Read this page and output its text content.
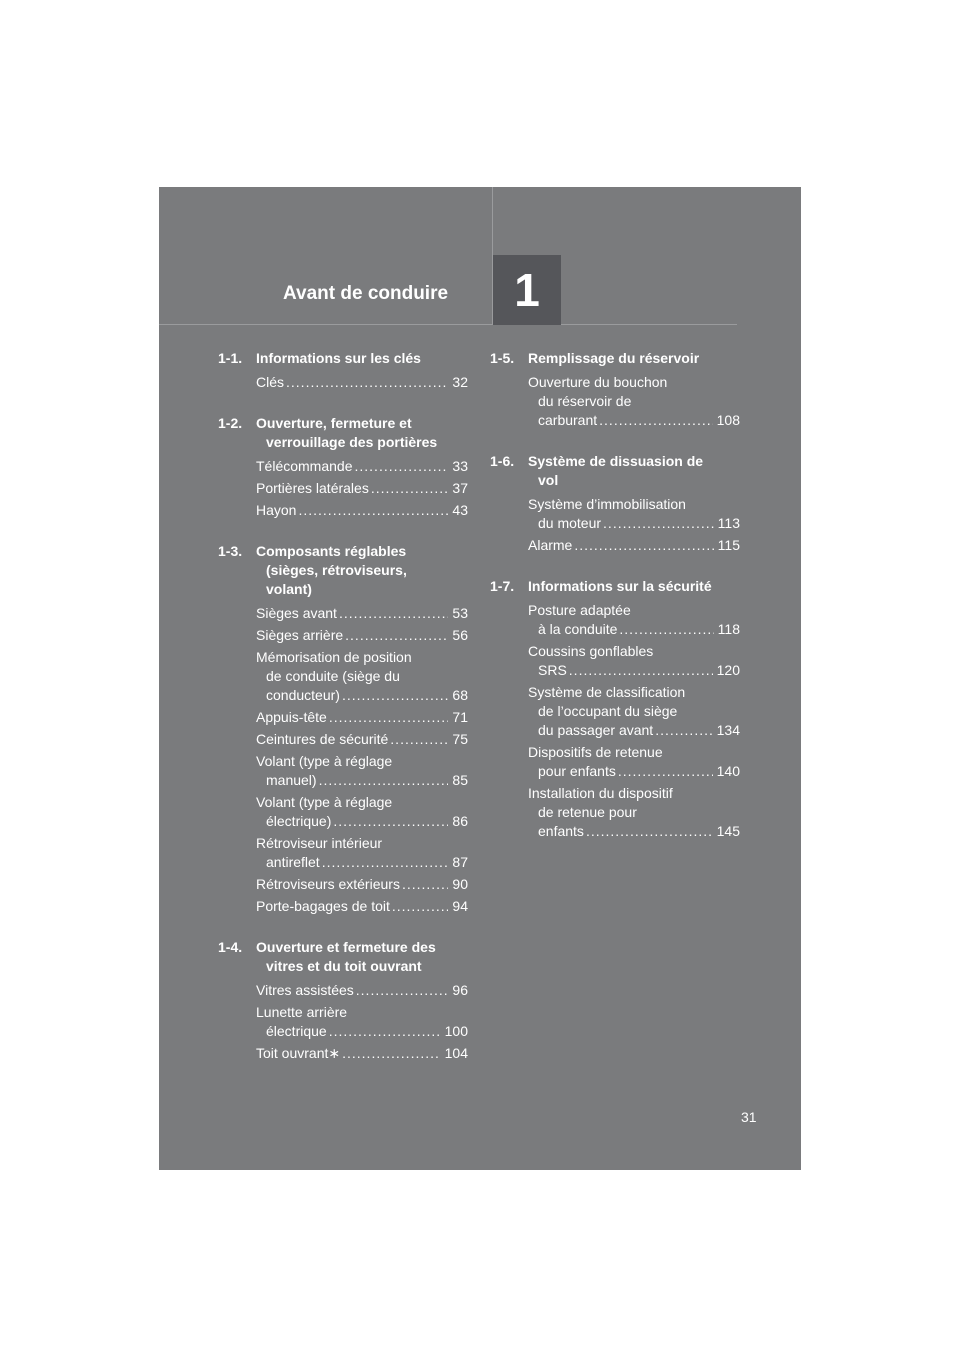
Avant de conduire 1
1-1. Informations sur les clés
Clés .....	32
1-2. Ouverture, fermeture et
verrouillage des portières
Télécommande .....	33
Portières latérales .....	37
Hayon .....	43
1-3. Composants réglables
(sièges, rétroviseurs,
volant)
Sièges avant .....	53
Sièges arrière .....	56
Mémorisation de position
de conduite (siège du
conducteur) .....	68
Appuis-tête .....	71
Ceintures de sécurité .....	75
Volant (type à réglage
manuel) .....	85
Volant (type à réglage
électrique) .....	86
Rétroviseur intérieur
antireflet .....	87
Rétroviseurs extérieurs .....	90
Porte-bagages de toit .....	94
1-4. Ouverture et fermeture des
vitres et du toit ouvrant
Vitres assistées .....	96
Lunette arrière
électrique .....	100
Toit ouvrant∗ .....	104
1-5. Remplissage du réservoir
Ouverture du bouchon
du réservoir de
carburant .....	108
1-6. Système de dissuasion de
vol
Système d’immobilisation
du moteur .....	113
Alarme .....	115
1-7. Informations sur la sécurité
Posture adaptée
à la conduite .....	118
Coussins gonflables
SRS .....	120
Système de classification
de l’occupant du siège
du passager avant .....	134
Dispositifs de retenue
pour enfants .....	140
Installation du dispositif
de retenue pour
enfants .....	145
31
